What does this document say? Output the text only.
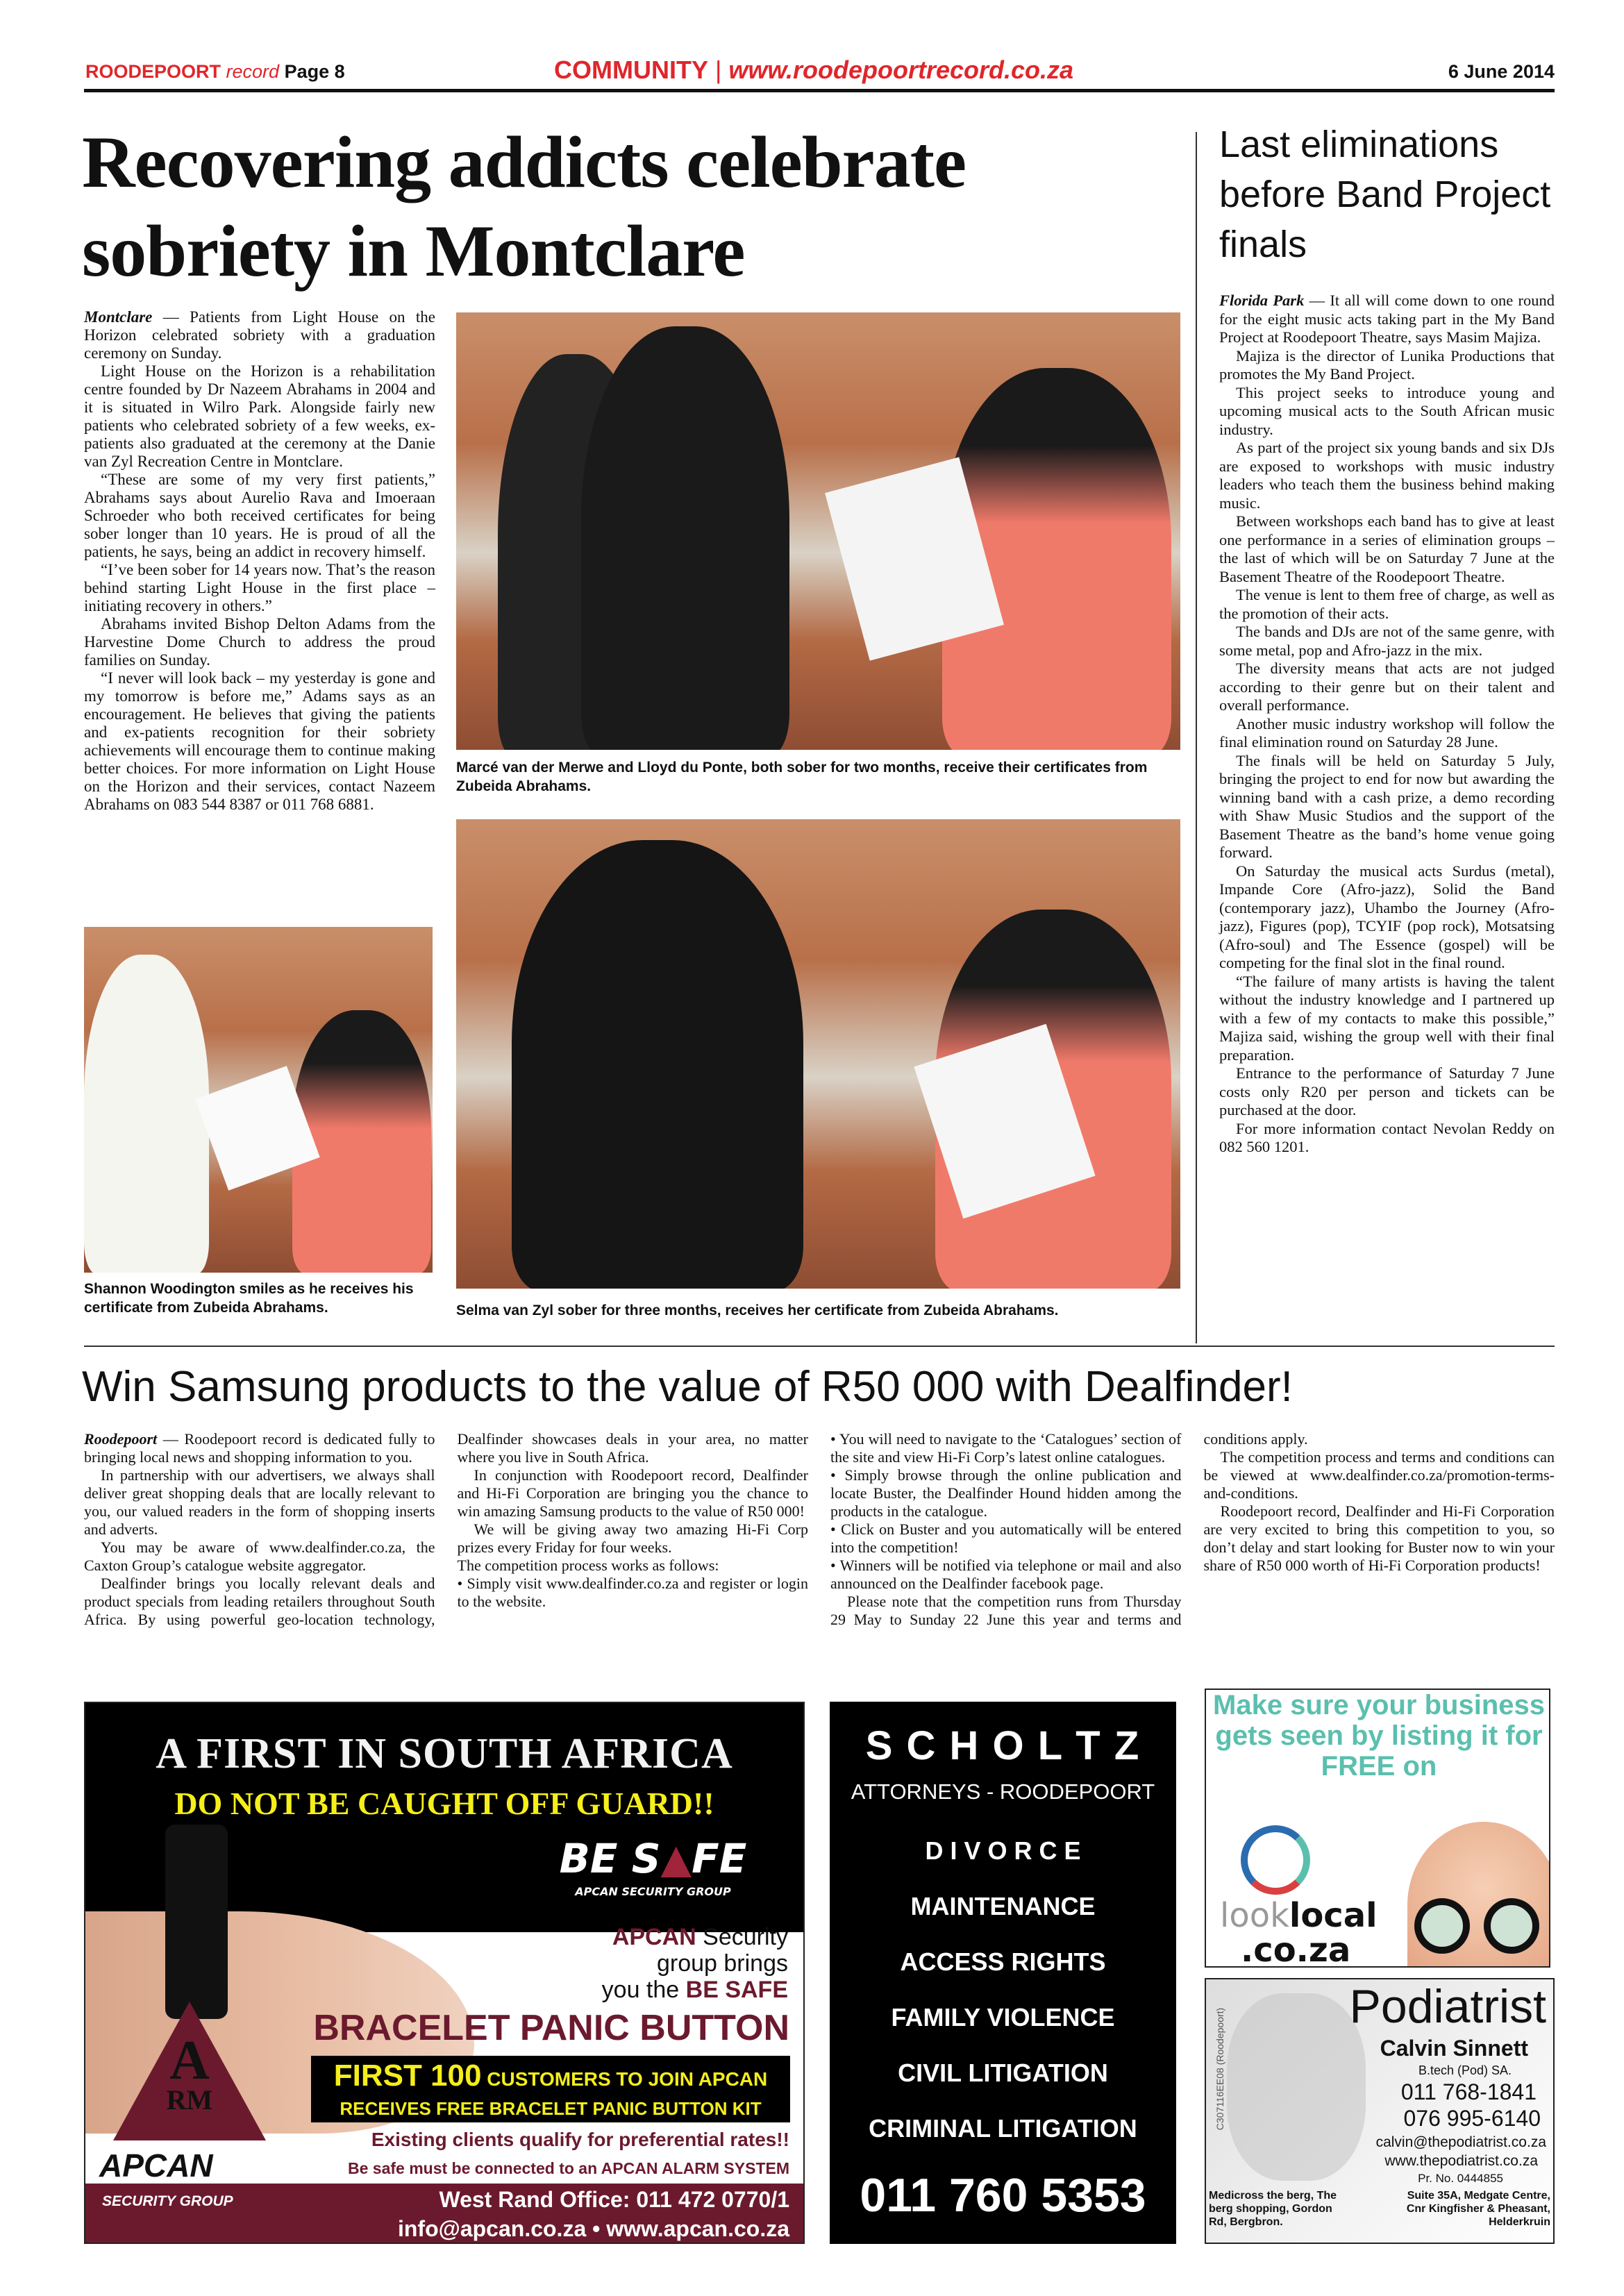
ROODEPOORT record Page 8	COMMUNITY | www.roodepoortrecord.co.za	6 June 2014
Recovering addicts celebrate sobriety in Montclare

Montclare — Patients from Light House on the Horizon celebrated sobriety with a graduation ceremony on Sunday.

Light House on the Horizon is a rehabilitation centre founded by Dr Nazeem Abrahams in 2004 and it is situated in Wilro Park. Alongside fairly new patients who celebrated sobriety of a few weeks, ex-patients also graduated at the ceremony at the Danie van Zyl Recreation Centre in Montclare.

“These are some of my very first patients,” Abrahams says about Aurelio Rava and Imoeraan Schroeder who both received certificates for being sober longer than 10 years. He is proud of all the patients, he says, being an addict in recovery himself.

“I’ve been sober for 14 years now. That’s the reason behind starting Light House in the first place – initiating recovery in others.”

Abrahams invited Bishop Delton Adams from the Harvestine Dome Church to address the proud families on Sunday.

“I never will look back – my yesterday is gone and my tomorrow is before me,” Adams says as an encouragement. He believes that giving the patients and ex-patients recognition for their sobriety achievements will encourage them to continue making better choices. For more information on Light House on the Horizon and their services, contact Nazeem Abrahams on 083 544 8387 or 011 768 6881.

Marcé van der Merwe and Lloyd du Ponte, both sober for two months, receive their certificates from Zubeida Abrahams.
Shannon Woodington smiles as he receives his certificate from Zubeida Abrahams.	Selma van Zyl sober for three months, receives her certificate from Zubeida Abrahams.
Last eliminations before Band Project finals

Florida Park — It all will come down to one round for the eight music acts taking part in the My Band Project at Roodepoort Theatre, says Masim Majiza.

Majiza is the director of Lunika Productions that promotes the My Band Project.

This project seeks to introduce young and upcoming musical acts to the South African music industry.

As part of the project six young bands and six DJs are exposed to workshops with music industry leaders who teach them the business behind making music.

Between workshops each band has to give at least one performance in a series of elimination groups – the last of which will be on Saturday 7 June at the Basement Theatre of the Roodepoort Theatre.

The venue is lent to them free of charge, as well as the promotion of their acts.

The bands and DJs are not of the same genre, with some metal, pop and Afro-jazz in the mix.

The diversity means that acts are not judged according to their genre but on their talent and overall performance.

Another music industry workshop will follow the final elimination round on Saturday 28 June.

The finals will be held on Saturday 5 July, bringing the project to end for now but awarding the winning band with a cash prize, a demo recording with Shaw Music Studios and the support of the Basement Theatre as the band’s home venue going forward.

On Saturday the musical acts Surdus (metal), Impande Core (Afro-jazz), Solid the Band (contemporary jazz), Uhambo the Journey (Afro-jazz), Figures (pop), TCYIF (pop rock), Motsatsing (Afro-soul) and The Essence (gospel) will be competing for the final slot in the final round.

“The failure of many artists is having the talent without the industry knowledge and I partnered up with a few of my contacts to make this possible,” Majiza said, wishing the group well with their final preparation.

Entrance to the performance of Saturday 7 June costs only R20 per person and tickets can be purchased at the door.

For more information contact Nevolan Reddy on 082 560 1201.

Win Samsung products to the value of R50 000 with Dealfinder!

Roodepoort — Roodepoort record is dedicated fully to bringing local news and shopping information to you.

In partnership with our advertisers, we always shall deliver great shopping deals that are locally relevant to you, our valued readers in the form of shopping inserts and adverts.

You may be aware of www.dealfinder.co.za, the Caxton Group’s catalogue website aggregator.

Dealfinder brings you locally relevant deals and product specials from leading retailers throughout South Africa. By using powerful geo-location technology, Dealfinder showcases deals in your area, no matter where you live in South Africa.

In conjunction with Roodepoort record, Dealfinder and Hi-Fi Corporation are bringing you the chance to win amazing Samsung products to the value of R50 000!

We will be giving away two amazing Hi-Fi Corp prizes every Friday for four weeks.

The competition process works as follows:

• Simply visit www.dealfinder.co.za and register or login to the website.

• You will need to navigate to the ‘Catalogues’ section of the site and view Hi-Fi Corp’s latest online catalogues.

• Simply browse through the online publication and locate Buster, the Dealfinder Hound hidden among the products in the catalogue.

• Click on Buster and you automatically will be entered into the competition!

• Winners will be notified via telephone or mail and also announced on the Dealfinder facebook page.

Please note that the competition runs from Thursday 29 May to Sunday 22 June this year and terms and conditions apply.

The competition process and terms and conditions can be viewed at www.dealfinder.co.za/promotion-terms-and-conditions.

Roodepoort record, Dealfinder and Hi-Fi Corporation are very excited to bring this competition to you, so don’t delay and start looking for Buster now to win your share of R50 000 worth of Hi-Fi Corporation products!

A FIRST IN SOUTH AFRICA
DO NOT BE CAUGHT OFF GUARD!!
BE S▲FE
APCAN SECURITY GROUP
APCAN Security
group brings
you the BE SAFE
BRACELET PANIC BUTTON
FIRST 100 CUSTOMERS TO JOIN APCAN
RECEIVES FREE BRACELET PANIC BUTTON KIT
Existing clients qualify for preferential rates!!
Be safe must be connected to an APCAN ALARM SYSTEM
West Rand Office: 011 472 0770/1
info@apcan.co.za • www.apcan.co.za
A
RM
APCAN
SECURITY GROUP
S C H O L T Z
ATTORNEYS - ROODEPOORT
D I V O R C E
MAINTENANCE
ACCESS RIGHTS
FAMILY VIOLENCE
CIVIL LITIGATION
CRIMINAL LITIGATION
011 760 5353
Make sure your business gets seen by listing it for FREE on
looklocal
.co.za
C307116EE08 (Roodepoort)
Podiatrist
Calvin Sinnett
B.tech (Pod) SA.
011 768-1841
076 995-6140
calvin@thepodiatrist.co.za
www.thepodiatrist.co.za
Pr. No. 0444855
Medicross the berg, The berg shopping, Gordon Rd, Bergbron.
Suite 35A, Medgate Centre, Cnr Kingfisher & Pheasant, Helderkruin
